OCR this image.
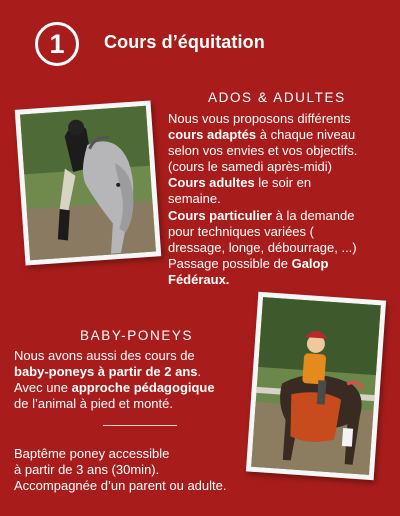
1 Cours d’équitation
ADOS & ADULTES
Nous vous proposons différents
cours adaptés à chaque niveau
selon vos envies et vos objectifs.
(cours le samedi après-midi)
Cours adultes le soir en
semaine.
Cours particulier à la demande
pour techniques variées (
dressage, longe, débourrage, ...)
Passage possible de Galop
Fédéraux.
BABY-PONEYS
Nous avons aussi des cours de
baby-poneys à partir de 2 ans.
Avec une approche pédagogique
de l’animal à pied et monté.
Baptême poney accessible
à partir de 3 ans (30min).
Accompagnée d’un parent ou adulte.
